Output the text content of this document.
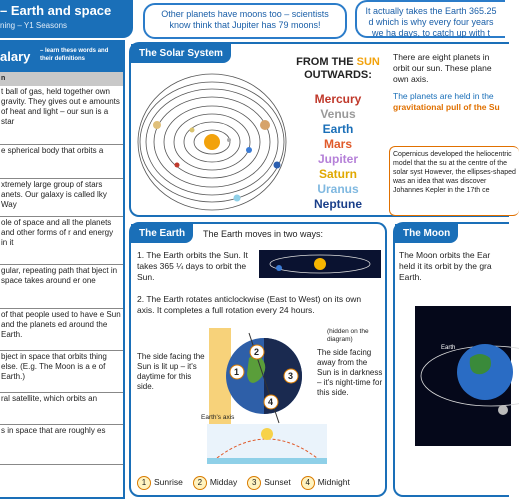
– Earth and space
ning – Y1 Seasons
Other planets have moons too – scientists know think that Jupiter has 79 moons!
It actually takes the Earth 365.25 d which is why every four years we ha days, to catch up with t
alary – learn these words and their definitions
n
t ball of gas, held together own gravity. They gives out e amounts of heat and light – our sun is a star
e spherical body that orbits a
xtremely large group of stars anets. Our galaxy is called lky Way
ole of space and all the planets and other forms of r and energy in it
gular, repeating path that bject in space takes around er one
of that people used to have e Sun and the planets ed around the Earth.
bject in space that orbits thing else. (E.g. The Moon is a e of Earth.)
ral satellite, which orbits an
s in space that are roughly es
The Solar System
FROM THE SUN
OUTWARDS:
Mercury
Venus
Earth
Mars
Jupiter
Saturn
Uranus
Neptune
There are eight planets in
orbit our sun. These plane
own axis.
The planets are held in the
gravitational pull of the Su
Copernicus developed the heliocentric model that the su at the centre of the solar syst However, the ellipses-shaped was an idea that was discover Johannes Kepler in the 17th ce
The Earth	The Earth moves in two ways:
1. The Earth orbits the Sun. It takes 365 ¼ days to orbit the Sun.
2. The Earth rotates anticlockwise (East to West) on its own axis. It completes a full rotation every 24 hours.
The side facing the Sun is lit up – it's daytime for this side.
1
2
3
4
(hidden on the diagram)
The side facing away from the Sun is in darkness – it's night-time for this side.
Earth's axis
1 Sunrise 2 Midday 3 Sunset 4 Midnight
The Moon
The Moon orbits the Ear held it its orbit by the gra Earth.
Earth
